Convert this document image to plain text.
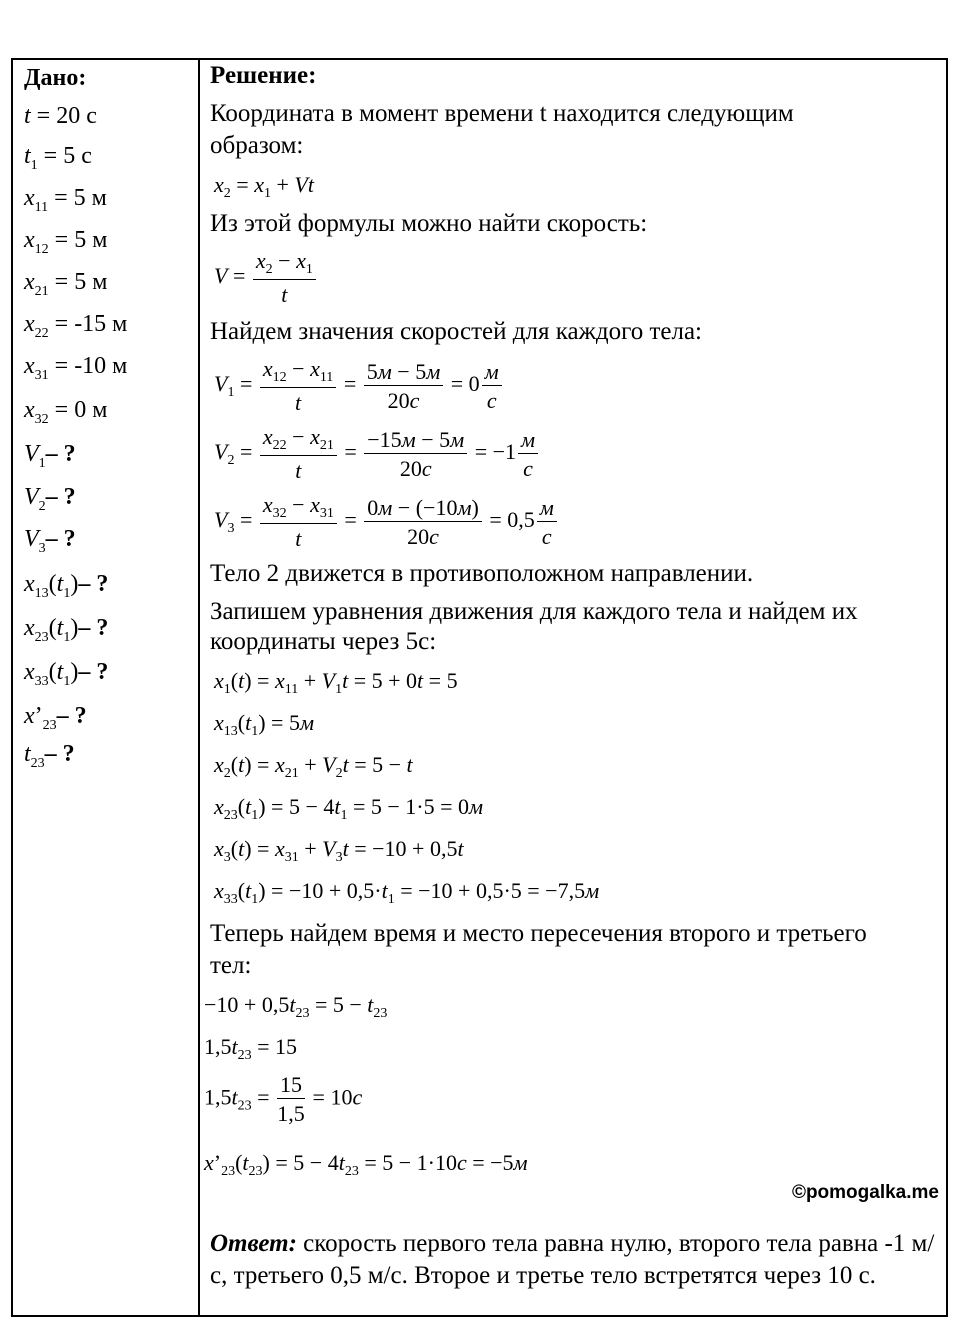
Дано:
t = 20 с
$t_1 = 5$ с
$x_{11} = 5$ м
$x_{12} = 5$ м
$x_{21} = 5$ м
$x_{22} = -15$ м
$x_{31} = -10$ м
$x_{32} = 0$ м
$V_1-$ ?
$V_2-$ ?
$V_3-$ ?
$x_{13}(t_1)-$ ?
$x_{23}(t_1)-$ ?
$x_{33}(t_1)-$ ?
$x’_{23}-$ ?
$t_{23}-$ ?
Решение:
Координата в момент времени t находится следующим
образом:
$x_2 = x_1 + Vt$
Из этой формулы можно найти скорость:
$V = \frac{x_2 - x_1}{t}$
Найдем значения скоростей для каждого тела:
$V_1 = \frac{x_{12} - x_{11}}{t} = \frac{5м - 5м}{20с} = 0 \frac{м}{с}$
$V_2 = \frac{x_{22} - x_{21}}{t} = \frac{-15м - 5м}{20с} = -1 \frac{м}{с}$
$V_3 = \frac{x_{32} - x_{31}}{t} = \frac{0м - (-10м)}{20с} = 0,5 \frac{м}{с}$
Тело 2 движется в противоположном направлении.
Запишем уравнения движения для каждого тела и найдем их
координаты через 5с:
$x_1(t) = x_{11} + V_1t = 5 + 0t = 5$
$x_{13}(t_1) = 5м$
$x_2(t) = x_{21} + V_2t = 5 - t$
$x_{23}(t_1) = 5 - 4t_1 = 5 - 1\cdot 5 = 0м$
$x_3(t) = x_{31} + V_3t = -10 + 0,5t$
$x_{33}(t_1) = -10 + 0,5\cdot t_1 = -10 + 0,5\cdot 5 = -7,5м$
Теперь найдем время и место пересечения второго и третьего
тел:
$-10 + 0,5t_{23} = 5 - t_{23}$
$1,5t_{23} = 15$
$1,5t_{23} = \frac{15}{1,5} = 10с$
$x’_{23}(t_{23}) = 5 - 4t_{23} = 5 - 1\cdot 10с = -5м$
©pomogalka.me
Ответ: скорость первого тела равна нулю, второго тела равна -1 м/с, третьего 0,5 м/с. Второе и третье тело встретятся через 10 с.
